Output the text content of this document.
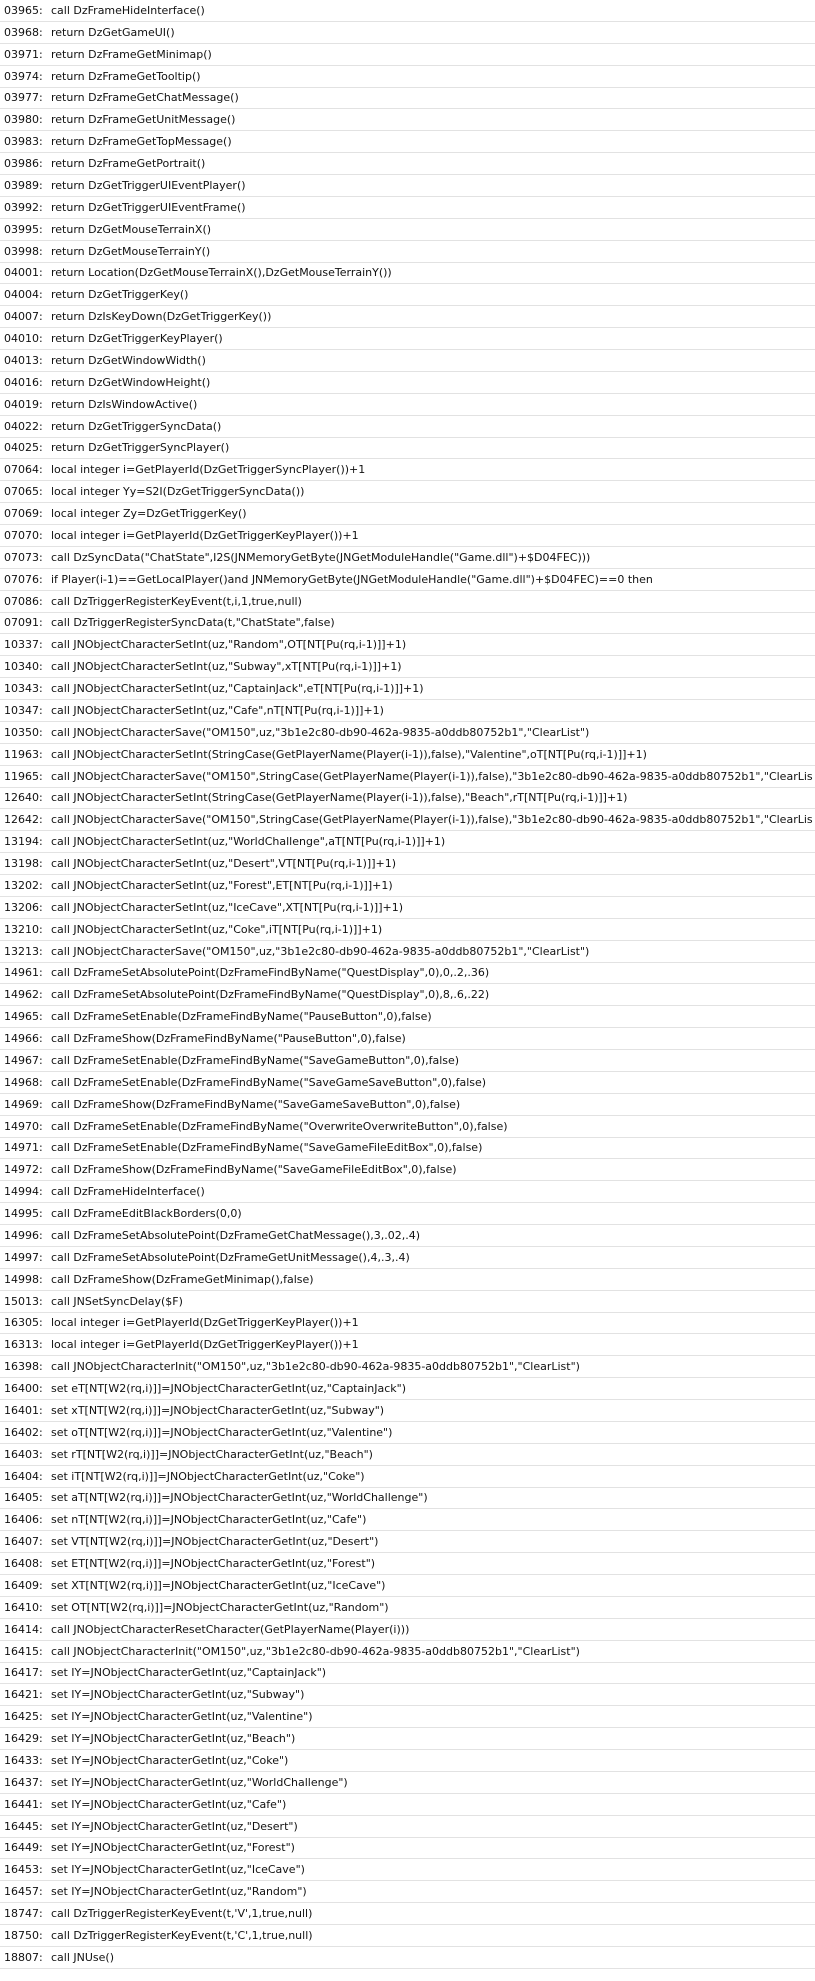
03965: call DzFrameHideInterface()
03968: return DzGetGameUI()
03971: return DzFrameGetMinimap()
03974: return DzFrameGetTooltip()
03977: return DzFrameGetChatMessage()
03980: return DzFrameGetUnitMessage()
03983: return DzFrameGetTopMessage()
03986: return DzFrameGetPortrait()
03989: return DzGetTriggerUIEventPlayer()
03992: return DzGetTriggerUIEventFrame()
03995: return DzGetMouseTerrainX()
03998: return DzGetMouseTerrainY()
04001: return Location(DzGetMouseTerrainX(),DzGetMouseTerrainY())
04004: return DzGetTriggerKey()
04007: return DzIsKeyDown(DzGetTriggerKey())
04010: return DzGetTriggerKeyPlayer()
04013: return DzGetWindowWidth()
04016: return DzGetWindowHeight()
04019: return DzIsWindowActive()
04022: return DzGetTriggerSyncData()
04025: return DzGetTriggerSyncPlayer()
07064: local integer i=GetPlayerId(DzGetTriggerSyncPlayer())+1
07065: local integer Yy=S2I(DzGetTriggerSyncData())
07069: local integer Zy=DzGetTriggerKey()
07070: local integer i=GetPlayerId(DzGetTriggerKeyPlayer())+1
07073: call DzSyncData("ChatState",I2S(JNMemoryGetByte(JNGetModuleHandle("Game.dll")+$D04FEC)))
07076: if Player(i-1)==GetLocalPlayer()and JNMemoryGetByte(JNGetModuleHandle("Game.dll")+$D04FEC)==0 then
07086: call DzTriggerRegisterKeyEvent(t,i,1,true,null)
07091: call DzTriggerRegisterSyncData(t,"ChatState",false)
10337: call JNObjectCharacterSetInt(uz,"Random",OT[NT[Pu(rq,i-1)]]+1)
10340: call JNObjectCharacterSetInt(uz,"Subway",xT[NT[Pu(rq,i-1)]]+1)
10343: call JNObjectCharacterSetInt(uz,"CaptainJack",eT[NT[Pu(rq,i-1)]]+1)
10347: call JNObjectCharacterSetInt(uz,"Cafe",nT[NT[Pu(rq,i-1)]]+1)
10350: call JNObjectCharacterSave("OM150",uz,"3b1e2c80-db90-462a-9835-a0ddb80752b1","ClearList")
11963: call JNObjectCharacterSetInt(StringCase(GetPlayerName(Player(i-1)),false),"Valentine",oT[NT[Pu(rq,i-1)]]+1)
11965: call JNObjectCharacterSave("OM150",StringCase(GetPlayerName(Player(i-1)),false),"3b1e2c80-db90-462a-9835-a0ddb80752b1","ClearLis
12640: call JNObjectCharacterSetInt(StringCase(GetPlayerName(Player(i-1)),false),"Beach",rT[NT[Pu(rq,i-1)]]+1)
12642: call JNObjectCharacterSave("OM150",StringCase(GetPlayerName(Player(i-1)),false),"3b1e2c80-db90-462a-9835-a0ddb80752b1","ClearLis
13194: call JNObjectCharacterSetInt(uz,"WorldChallenge",aT[NT[Pu(rq,i-1)]]+1)
13198: call JNObjectCharacterSetInt(uz,"Desert",VT[NT[Pu(rq,i-1)]]+1)
13202: call JNObjectCharacterSetInt(uz,"Forest",ET[NT[Pu(rq,i-1)]]+1)
13206: call JNObjectCharacterSetInt(uz,"IceCave",XT[NT[Pu(rq,i-1)]]+1)
13210: call JNObjectCharacterSetInt(uz,"Coke",iT[NT[Pu(rq,i-1)]]+1)
13213: call JNObjectCharacterSave("OM150",uz,"3b1e2c80-db90-462a-9835-a0ddb80752b1","ClearList")
14961: call DzFrameSetAbsolutePoint(DzFrameFindByName("QuestDisplay",0),0,.2,.36)
14962: call DzFrameSetAbsolutePoint(DzFrameFindByName("QuestDisplay",0),8,.6,.22)
14965: call DzFrameSetEnable(DzFrameFindByName("PauseButton",0),false)
14966: call DzFrameShow(DzFrameFindByName("PauseButton",0),false)
14967: call DzFrameSetEnable(DzFrameFindByName("SaveGameButton",0),false)
14968: call DzFrameSetEnable(DzFrameFindByName("SaveGameSaveButton",0),false)
14969: call DzFrameShow(DzFrameFindByName("SaveGameSaveButton",0),false)
14970: call DzFrameSetEnable(DzFrameFindByName("OverwriteOverwriteButton",0),false)
14971: call DzFrameSetEnable(DzFrameFindByName("SaveGameFileEditBox",0),false)
14972: call DzFrameShow(DzFrameFindByName("SaveGameFileEditBox",0),false)
14994: call DzFrameHideInterface()
14995: call DzFrameEditBlackBorders(0,0)
14996: call DzFrameSetAbsolutePoint(DzFrameGetChatMessage(),3,.02,.4)
14997: call DzFrameSetAbsolutePoint(DzFrameGetUnitMessage(),4,.3,.4)
14998: call DzFrameShow(DzFrameGetMinimap(),false)
15013: call JNSetSyncDelay($F)
16305: local integer i=GetPlayerId(DzGetTriggerKeyPlayer())+1
16313: local integer i=GetPlayerId(DzGetTriggerKeyPlayer())+1
16398: call JNObjectCharacterInit("OM150",uz,"3b1e2c80-db90-462a-9835-a0ddb80752b1","ClearList")
16400: set eT[NT[W2(rq,i)]]=JNObjectCharacterGetInt(uz,"CaptainJack")
16401: set xT[NT[W2(rq,i)]]=JNObjectCharacterGetInt(uz,"Subway")
16402: set oT[NT[W2(rq,i)]]=JNObjectCharacterGetInt(uz,"Valentine")
16403: set rT[NT[W2(rq,i)]]=JNObjectCharacterGetInt(uz,"Beach")
16404: set iT[NT[W2(rq,i)]]=JNObjectCharacterGetInt(uz,"Coke")
16405: set aT[NT[W2(rq,i)]]=JNObjectCharacterGetInt(uz,"WorldChallenge")
16406: set nT[NT[W2(rq,i)]]=JNObjectCharacterGetInt(uz,"Cafe")
16407: set VT[NT[W2(rq,i)]]=JNObjectCharacterGetInt(uz,"Desert")
16408: set ET[NT[W2(rq,i)]]=JNObjectCharacterGetInt(uz,"Forest")
16409: set XT[NT[W2(rq,i)]]=JNObjectCharacterGetInt(uz,"IceCave")
16410: set OT[NT[W2(rq,i)]]=JNObjectCharacterGetInt(uz,"Random")
16414: call JNObjectCharacterResetCharacter(GetPlayerName(Player(i)))
16415: call JNObjectCharacterInit("OM150",uz,"3b1e2c80-db90-462a-9835-a0ddb80752b1","ClearList")
16417: set IY=JNObjectCharacterGetInt(uz,"CaptainJack")
16421: set IY=JNObjectCharacterGetInt(uz,"Subway")
16425: set IY=JNObjectCharacterGetInt(uz,"Valentine")
16429: set IY=JNObjectCharacterGetInt(uz,"Beach")
16433: set IY=JNObjectCharacterGetInt(uz,"Coke")
16437: set IY=JNObjectCharacterGetInt(uz,"WorldChallenge")
16441: set IY=JNObjectCharacterGetInt(uz,"Cafe")
16445: set IY=JNObjectCharacterGetInt(uz,"Desert")
16449: set IY=JNObjectCharacterGetInt(uz,"Forest")
16453: set IY=JNObjectCharacterGetInt(uz,"IceCave")
16457: set IY=JNObjectCharacterGetInt(uz,"Random")
18747: call DzTriggerRegisterKeyEvent(t,'V',1,true,null)
18750: call DzTriggerRegisterKeyEvent(t,'C',1,true,null)
18807: call JNUse()
